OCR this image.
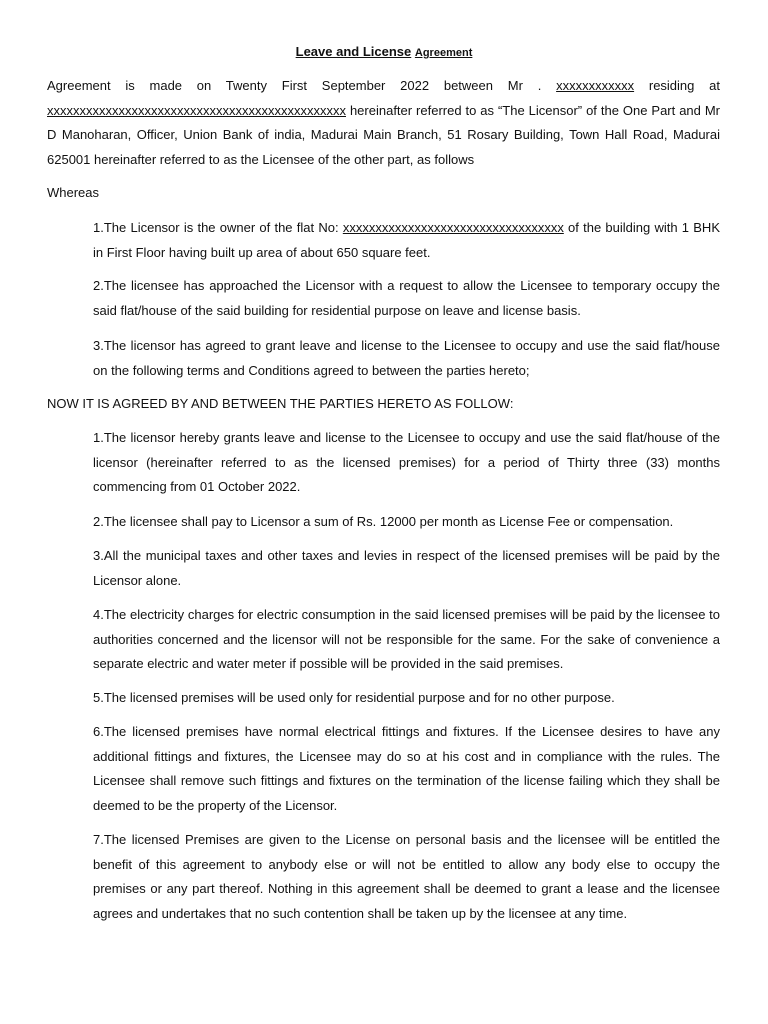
Leave and License Agreement

Agreement is made on Twenty First September 2022 between Mr . xxxxxxxxxxxx residing at xxxxxxxxxxxxxxxxxxxxxxxxxxxxxxxxxxxxxxxxxxxxxx hereinafter referred to as “The Licensor” of the One Part and Mr D Manoharan, Officer, Union Bank of india, Madurai Main Branch, 51 Rosary Building, Town Hall Road, Madurai 625001 hereinafter referred to as the Licensee of the other part, as follows

Whereas

1.The Licensor is the owner of the flat No: xxxxxxxxxxxxxxxxxxxxxxxxxxxxxxxxxx of the building with 1 BHK in First Floor having built up area of about 650 square feet.

2.The licensee has approached the Licensor with a request to allow the Licensee to temporary occupy the said flat/house of the said building for residential purpose on leave and license basis.

3.The licensor has agreed to grant leave and license to the Licensee to occupy and use the said flat/house on the following terms and Conditions agreed to between the parties hereto;

NOW IT IS AGREED BY AND BETWEEN THE PARTIES HERETO AS FOLLOW:

1.The licensor hereby grants leave and license to the Licensee to occupy and use the said flat/house of the licensor (hereinafter referred to as the licensed premises) for a period of Thirty three (33) months commencing from 01 October 2022.

2.The licensee shall pay to Licensor a sum of Rs. 12000 per month as License Fee or compensation.

3.All the municipal taxes and other taxes and levies in respect of the licensed premises will be paid by the Licensor alone.

4.The electricity charges for electric consumption in the said licensed premises will be paid by the licensee to authorities concerned and the licensor will not be responsible for the same. For the sake of convenience a separate electric and water meter if possible will be provided in the said premises.

5.The licensed premises will be used only for residential purpose and for no other purpose.

6.The licensed premises have normal electrical fittings and fixtures. If the Licensee desires to have any additional fittings and fixtures, the Licensee may do so at his cost and in compliance with the rules. The Licensee shall remove such fittings and fixtures on the termination of the license failing which they shall be deemed to be the property of the Licensor.

7.The licensed Premises are given to the License on personal basis and the licensee will be entitled the benefit of this agreement to anybody else or will not be entitled to allow any body else to occupy the premises or any part thereof. Nothing in this agreement shall be deemed to grant a lease and the licensee agrees and undertakes that no such contention shall be taken up by the licensee at any time.
